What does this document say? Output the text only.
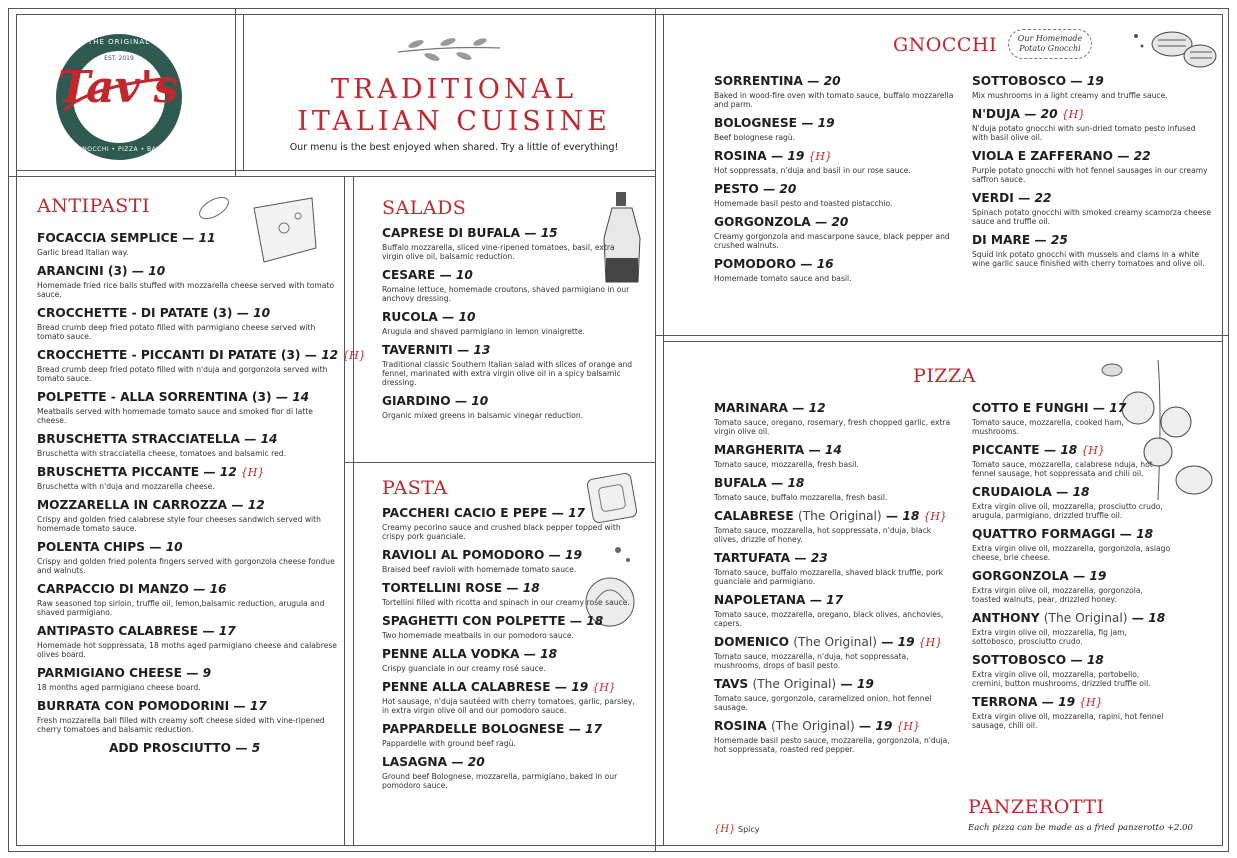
THE ORIGINAL
EST. 2019
Tav's
GNOCCHI • PIZZA • BAR
TRADITIONAL
ITALIAN CUISINE
Our menu is the best enjoyed when shared. Try a little of everything!
ANTIPASTI
FOCACCIA SEMPLICE — 11
Garlic bread Italian way.
ARANCINI (3) — 10
Homemade fried rice balls stuffed with mozzarella cheese served with tomato sauce.
CROCCHETTE - DI PATATE (3) — 10
Bread crumb deep fried potato filled with parmigiano cheese served with tomato sauce.
CROCCHETTE - PICCANTI DI PATATE (3) — 12 {H}
Bread crumb deep fried potato filled with n'duja and gorgonzola served with tomato sauce.
POLPETTE - ALLA SORRENTINA (3) — 14
Meatballs served with homemade tomato sauce and smoked fior di latte cheese.
BRUSCHETTA STRACCIATELLA — 14
Bruschetta with stracciatella cheese, tomatoes and balsamic red.
BRUSCHETTA PICCANTE — 12 {H}
Bruschetta with n'duja and mozzarella cheese.
MOZZARELLA IN CARROZZA — 12
Crispy and golden fried calabrese style four cheeses sandwich served with homemade tomato sauce.
POLENTA CHIPS — 10
Crispy and golden fried polenta fingers served with gorgonzola cheese fondue and walnuts.
CARPACCIO DI MANZO — 16
Raw seasoned top sirloin, truffle oil, lemon,balsamic reduction, arugula and shaved parmigiano.
ANTIPASTO CALABRESE — 17
Homemade hot soppressata, 18 moths aged parmigiano cheese and calabrese olives board.
PARMIGIANO CHEESE — 9
18 months aged parmigiano cheese board.
BURRATA CON POMODORINI — 17
Fresh mozzarella ball filled with creamy soft cheese sided with vine-ripened cherry tomatoes and balsamic reduction.
ADD PROSCIUTTO — 5
SALADS
CAPRESE DI BUFALA — 15
Buffalo mozzarella, sliced vine-ripened tomatoes, basil, extra virgin olive oil, balsamic reduction.
CESARE — 10
Romaine lettuce, homemade croutons, shaved parmigiano in our anchovy dressing.
RUCOLA — 10
Arugula and shaved parmigiano in lemon vinaigrette.
TAVERNITI — 13
Traditional classic Southern Italian salad with slices of orange and fennel, marinated with extra virgin olive oil in a spicy balsamic dressing.
GIARDINO — 10
Organic mixed greens in balsamic vinegar reduction.
PASTA
PACCHERI CACIO E PEPE — 17
Creamy pecorino sauce and crushed black pepper topped with crispy pork guanciale.
RAVIOLI AL POMODORO — 19
Braised beef ravioli with homemade tomato sauce.
TORTELLINI ROSE — 18
Tortellini filled with ricotta and spinach in our creamy rose sauce.
SPAGHETTI CON POLPETTE — 18
Two homemade meatballs in our pomodoro sauce.
PENNE ALLA VODKA — 18
Crispy guanciale in our creamy rosé sauce.
PENNE ALLA CALABRESE — 19 {H}
Hot sausage, n'duja sautéed with cherry tomatoes, garlic, parsley, in extra virgin olive oil and our pomodoro sauce.
PAPPARDELLE BOLOGNESE — 17
Pappardelle with ground beef ragù.
LASAGNA — 20
Ground beef Bolognese, mozzarella, parmigiano, baked in our pomodoro sauce.
GNOCCHI	Our Homemade Potato Gnocchi
SORRENTINA — 20
Baked in wood-fire oven with tomato sauce, buffalo mozzarella and parm.
BOLOGNESE — 19
Beef bolognese ragù.
ROSINA — 19 {H}
Hot soppressata, n'duja and basil in our rose sauce.
PESTO — 20
Homemade basil pesto and toasted pistacchio.
GORGONZOLA — 20
Creamy gorgonzola and mascarpone sauce, black pepper and crushed walnuts.
POMODORO — 16
Homemade tomato sauce and basil.
SOTTOBOSCO — 19
Mix mushrooms in a light creamy and truffle sauce.
N'DUJA — 20 {H}
N'duja potato gnocchi with sun-dried tomato pesto infused with basil olive oil.
VIOLA E ZAFFERANO — 22
Purple potato gnocchi with hot fennel sausages in our creamy saffron sauce.
VERDI — 22
Spinach potato gnocchi with smoked creamy scamorza cheese sauce and truffle oil.
DI MARE — 25
Squid ink potato gnocchi with mussels and clams in a white wine garlic sauce finished with cherry tomatoes and olive oil.
PIZZA
MARINARA — 12
Tomato sauce, oregano, rosemary, fresh chopped garlic, extra virgin olive oil.
MARGHERITA — 14
Tomato sauce, mozzarella, fresh basil.
BUFALA — 18
Tomato sauce, buffalo mozzarella, fresh basil.
CALABRESE (The Original) — 18 {H}
Tomato sauce, mozzarella, hot soppressata, n'duja, black olives, drizzle of honey.
TARTUFATA — 23
Tomato sauce, buffalo mozzarella, shaved black truffle, pork guanciale and parmigiano.
NAPOLETANA — 17
Tomato sauce, mozzarella, oregano, black olives, anchovies, capers.
DOMENICO (The Original) — 19 {H}
Tomato sauce, mozzarella, n'duja, hot soppressata, mushrooms, drops of basil pesto.
TAVS (The Original) — 19
Tomato sauce, gorgonzola, caramelized onion, hot fennel sausage.
ROSINA (The Original) — 19 {H}
Homemade basil pesto sauce, mozzarella, gorgonzola, n'duja, hot soppressata, roasted red pepper.
COTTO E FUNGHI — 17
Tomato sauce, mozzarella, cooked ham, mushrooms.
PICCANTE — 18 {H}
Tomato sauce, mozzarella, calabrese nduja, hot fennel sausage, hot soppressata and chili oil.
CRUDAIOLA — 18
Extra virgin olive oil, mozzarella, prosciutto crudo, arugula, parmigiano, drizzled truffle oil.
QUATTRO FORMAGGI — 18
Extra virgin olive oil, mozzarella, gorgonzola, asiago cheese, brie cheese.
GORGONZOLA — 19
Extra virgin olive oil, mozzarella, gorgonzola, toasted walnuts, pear, drizzled honey.
ANTHONY (The Original) — 18
Extra virgin olive oil, mozzarella, fig jam, sottobosco, prosciutto crudo.
SOTTOBOSCO — 18
Extra virgin olive oil, mozzarella, portobello, cremini, button mushrooms, drizzled truffle oil.
TERRONA — 19 {H}
Extra virgin olive oil, mozzarella, rapini, hot fennel sausage, chili oil.
{H} Spicy
PANZEROTTI
Each pizza can be made as a fried panzerotto +2.00
